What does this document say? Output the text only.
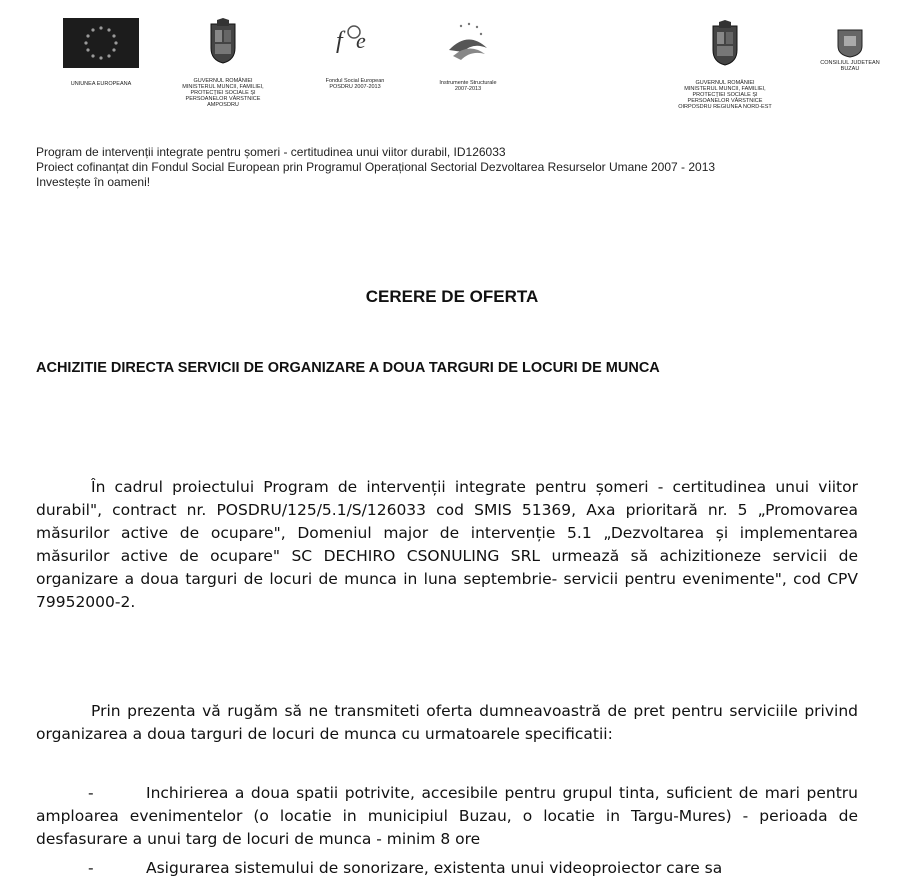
UNIUNEA EUROPEANA	GUVERNUL ROMÂNIEI
MINISTERUL MUNCII, FAMILIEI,
PROTECȚIEI SOCIALE ȘI
PERSOANELOR VÂRSTNICE
AMPOSDRU
f e
Fondul Social European
POSDRU 2007-2013
Instrumente Structurale
2007-2013
GUVERNUL ROMÂNIEI
MINISTERUL MUNCII, FAMILIEI,
PROTECȚIEI SOCIALE ȘI
PERSOANELOR VÂRSTNICE
OIRPOSDRU REGIUNEA NORD-EST
CONSILIUL JUDETEAN
BUZAU
Program de intervenții integrate pentru șomeri - certitudinea unui viitor durabil, ID126033
Proiect cofinanțat din Fondul Social European prin Programul Operațional Sectorial Dezvoltarea Resurselor Umane 2007 - 2013
Investește în oameni!
CERERE DE OFERTA
ACHIZITIE DIRECTA SERVICII DE ORGANIZARE A DOUA TARGURI DE LOCURI DE MUNCA
În cadrul proiectului Program de intervenții integrate pentru șomeri - certitudinea unui viitor durabil", contract nr. POSDRU/125/5.1/S/126033 cod SMIS 51369, Axa prioritară nr. 5 „Promovarea măsurilor active de ocupare", Domeniul major de intervenție 5.1 „Dezvoltarea și implementarea măsurilor active de ocupare" SC DECHIRO CSONULING SRL urmează să achizitioneze servicii de organizare a doua targuri de locuri de munca in luna septembrie- servicii pentru evenimente", cod CPV 79952000-2.
Prin prezenta vă rugăm să ne transmiteti oferta dumneavoastră de pret pentru serviciile privind organizarea a doua targuri de locuri de munca cu urmatoarele specificatii:
-	Inchirierea a doua spatii potrivite, accesibile pentru grupul tinta, suficient de mari pentru amploarea evenimentelor (o locatie in municipiul Buzau, o locatie in Targu-Mures) - perioada de desfasurare a unui targ de locuri de munca - minim 8 ore
-	Asigurarea sistemului de sonorizare, existenta unui videoproiector care sa
